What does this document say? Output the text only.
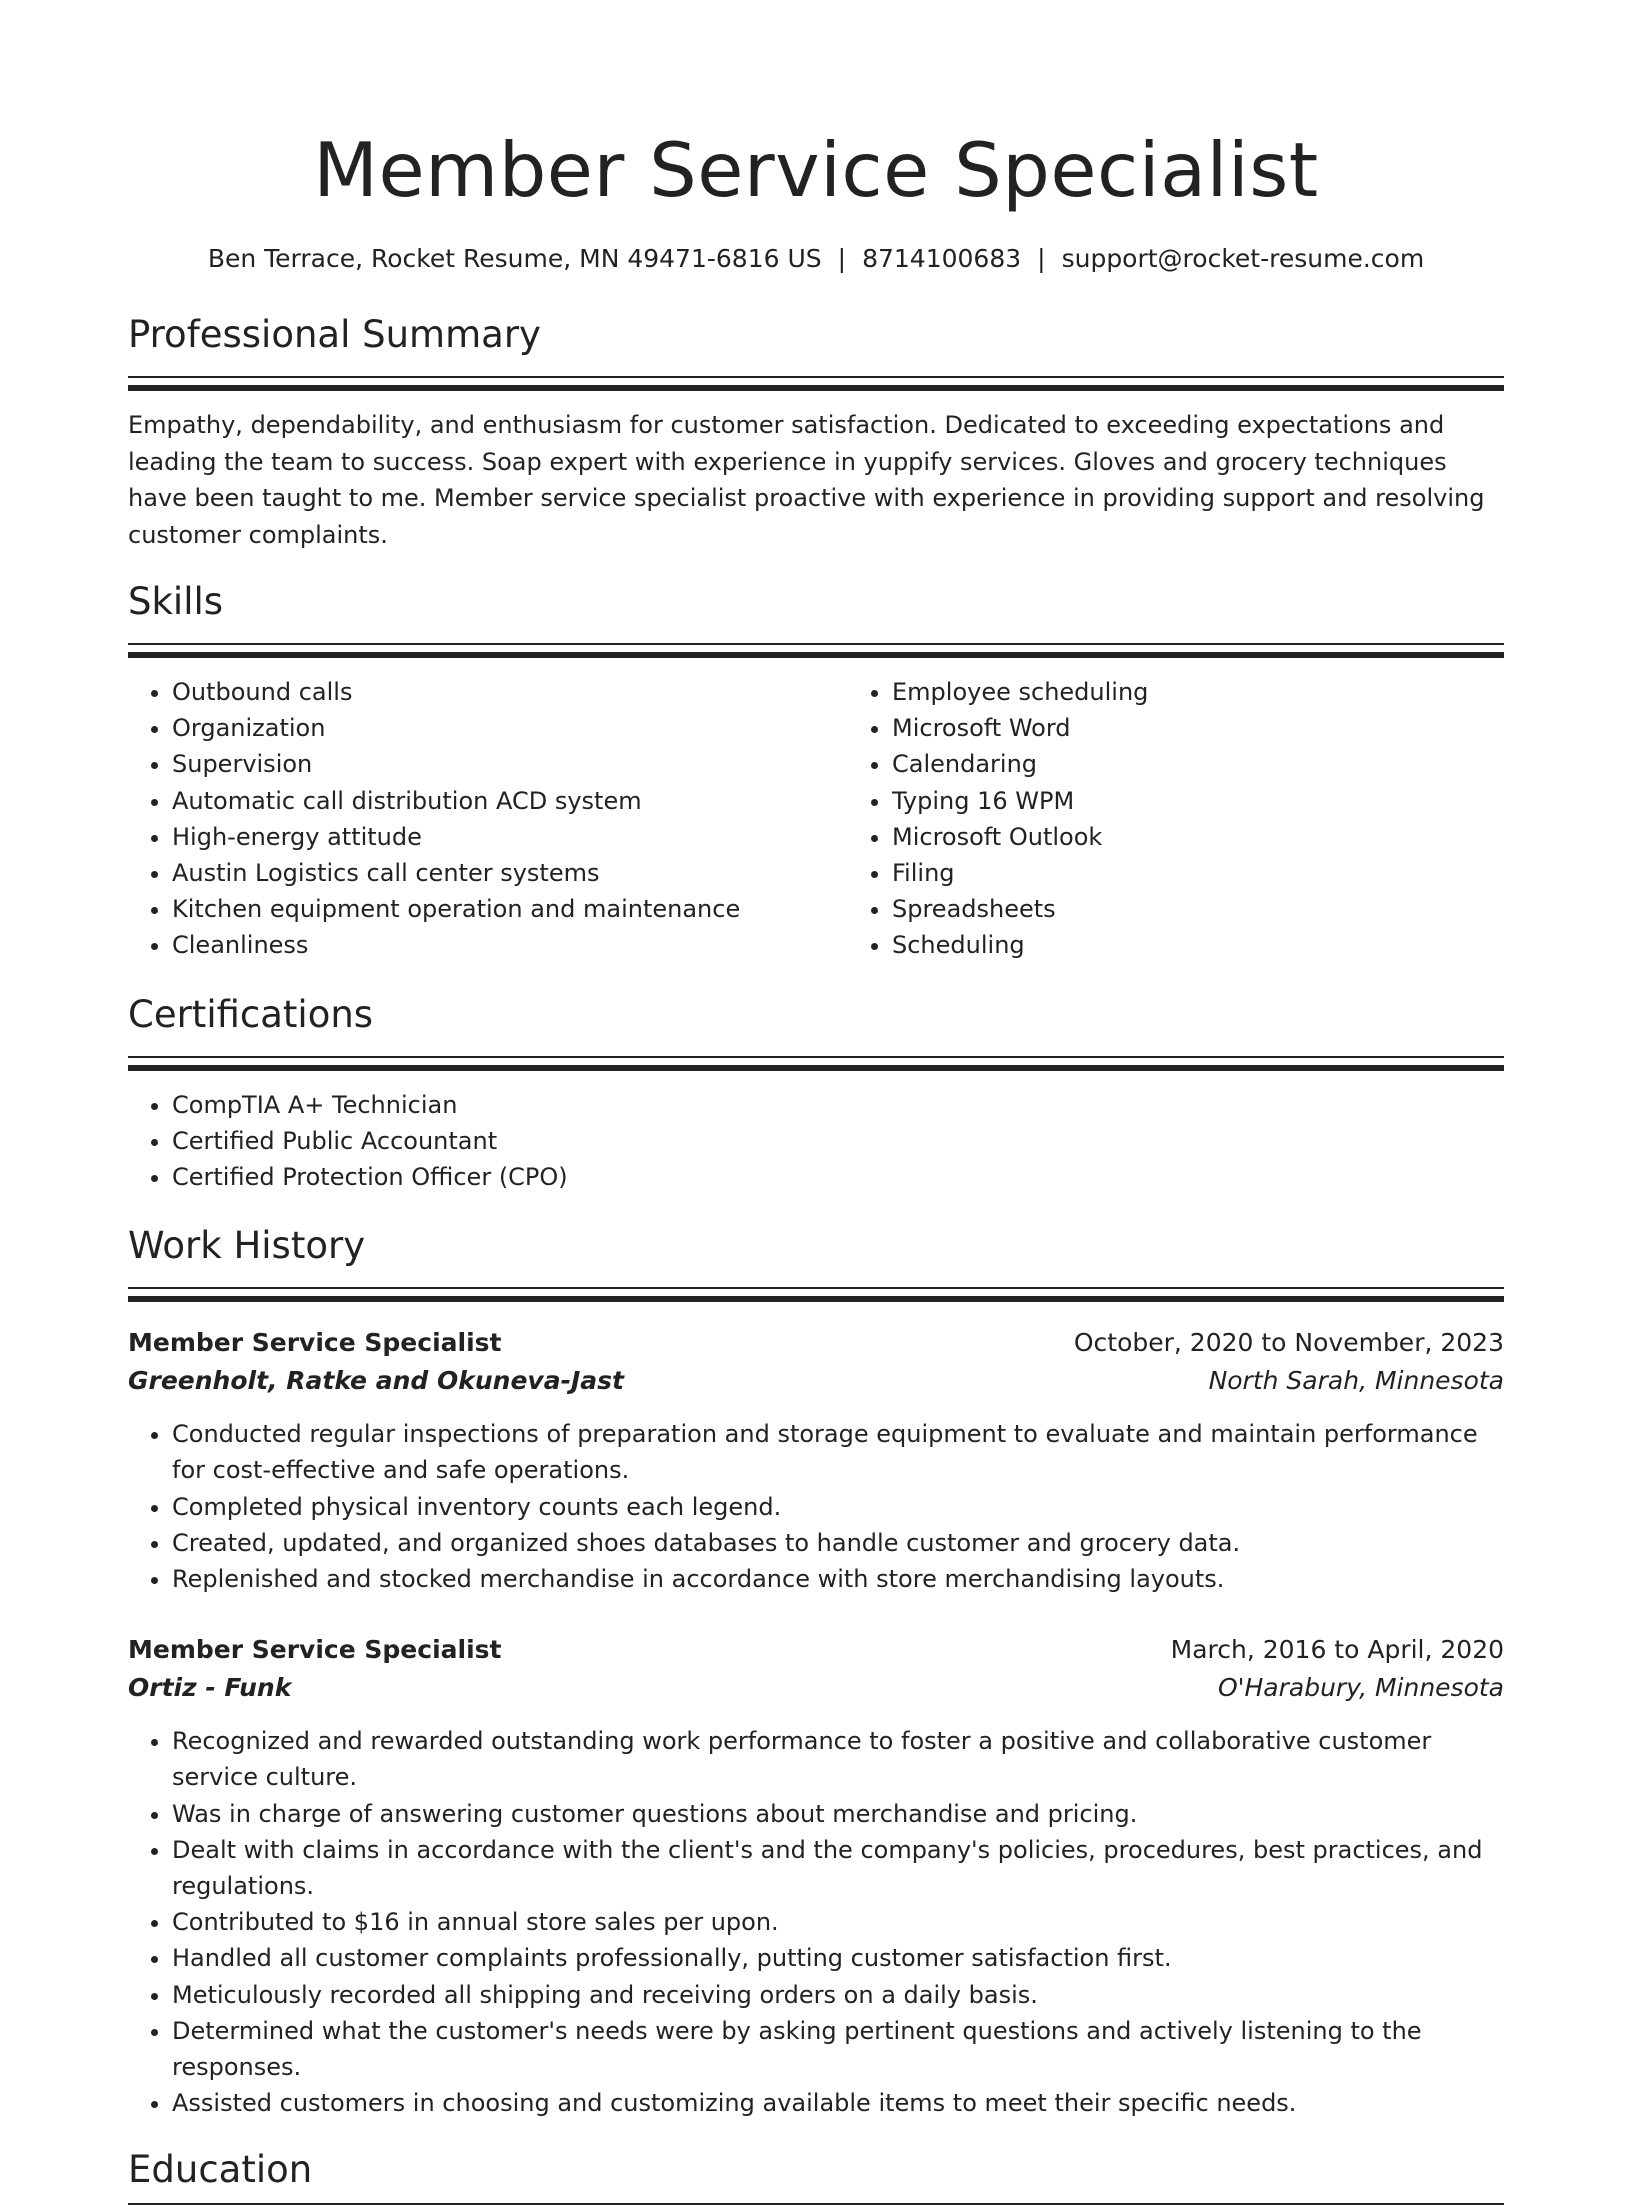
Member Service Specialist
Ben Terrace, Rocket Resume, MN 49471-6816 US | 8714100683 | support@rocket-resume.com
Professional Summary
Empathy, dependability, and enthusiasm for customer satisfaction. Dedicated to exceeding expectations and leading the team to success. Soap expert with experience in yuppify services. Gloves and grocery techniques have been taught to me. Member service specialist proactive with experience in providing support and resolving customer complaints.
Skills
• Outbound calls
• Organization
• Supervision
• Automatic call distribution ACD system
• High-energy attitude
• Austin Logistics call center systems
• Kitchen equipment operation and maintenance
• Cleanliness
• Employee scheduling
• Microsoft Word
• Calendaring
• Typing 16 WPM
• Microsoft Outlook
• Filing
• Spreadsheets
• Scheduling
Certifications
• CompTIA A+ Technician
• Certified Public Accountant
• Certified Protection Officer (CPO)
Work History
Member Service Specialist	October, 2020 to November, 2023
Greenholt, Ratke and Okuneva-Jast	North Sarah, Minnesota
• Conducted regular inspections of preparation and storage equipment to evaluate and maintain performance for cost-effective and safe operations.
• Completed physical inventory counts each legend.
• Created, updated, and organized shoes databases to handle customer and grocery data.
• Replenished and stocked merchandise in accordance with store merchandising layouts.
Member Service Specialist	March, 2016 to April, 2020
Ortiz - Funk	O'Harabury, Minnesota
• Recognized and rewarded outstanding work performance to foster a positive and collaborative customer service culture.
• Was in charge of answering customer questions about merchandise and pricing.
• Dealt with claims in accordance with the client's and the company's policies, procedures, best practices, and regulations.
• Contributed to $16 in annual store sales per upon.
• Handled all customer complaints professionally, putting customer satisfaction first.
• Meticulously recorded all shipping and receiving orders on a daily basis.
• Determined what the customer's needs were by asking pertinent questions and actively listening to the responses.
• Assisted customers in choosing and customizing available items to meet their specific needs.
Education
